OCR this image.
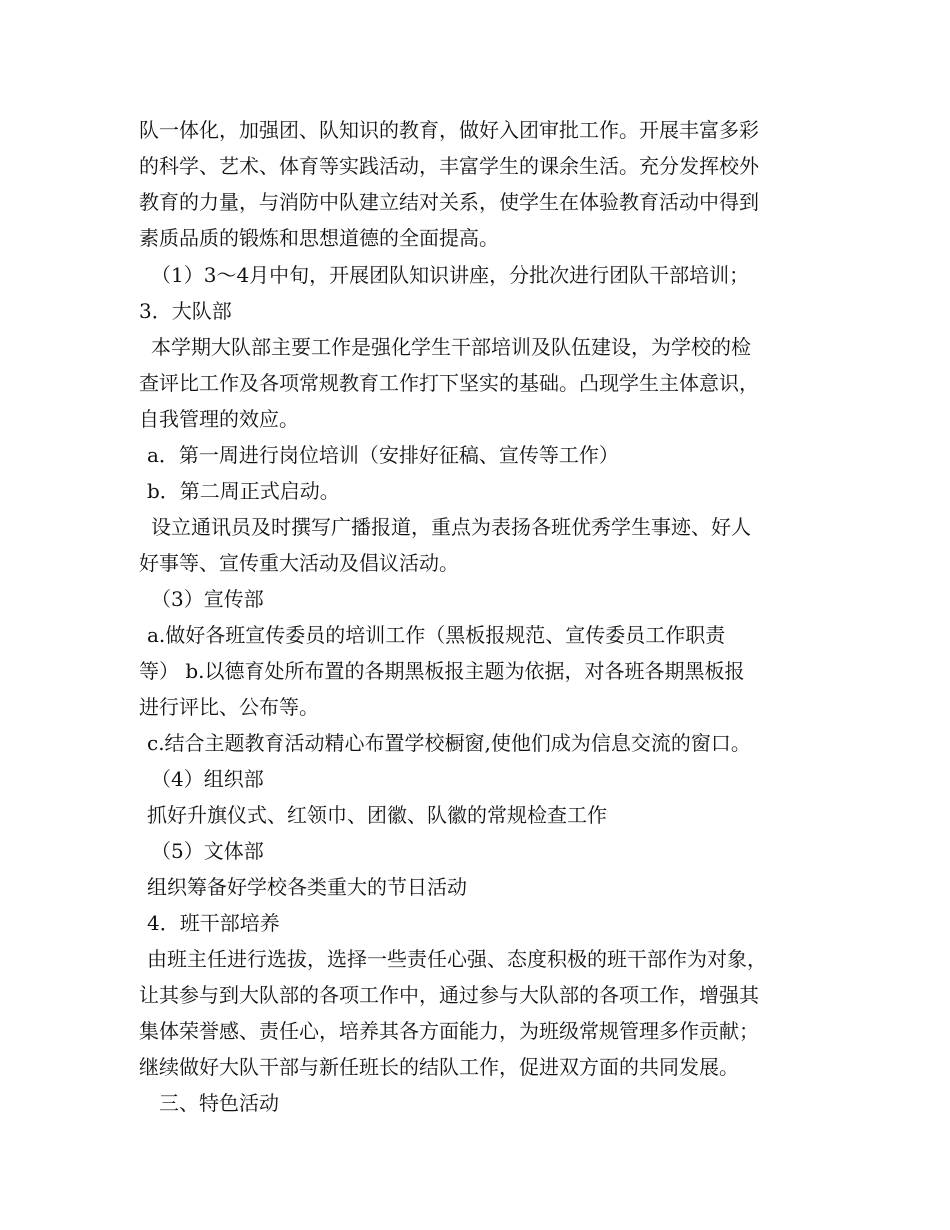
队一体化，加强团、队知识的教育，做好入团审批工作。开展丰富多彩
的科学、艺术、体育等实践活动，丰富学生的课余生活。充分发挥校外
教育的力量，与消防中队建立结对关系，使学生在体验教育活动中得到
素质品质的锻炼和思想道德的全面提高。
（1）3～4月中旬，开展团队知识讲座，分批次进行团队干部培训；
3．大队部
本学期大队部主要工作是强化学生干部培训及队伍建设，为学校的检
查评比工作及各项常规教育工作打下坚实的基础。凸现学生主体意识，
自我管理的效应。
a．第一周进行岗位培训（安排好征稿、宣传等工作）
b．第二周正式启动。
设立通讯员及时撰写广播报道，重点为表扬各班优秀学生事迹、好人
好事等、宣传重大活动及倡议活动。
（3）宣传部
a.做好各班宣传委员的培训工作（黑板报规范、宣传委员工作职责
等） b.以德育处所布置的各期黑板报主题为依据，对各班各期黑板报
进行评比、公布等。
c.结合主题教育活动精心布置学校橱窗,使他们成为信息交流的窗口。
（4）组织部
抓好升旗仪式、红领巾、团徽、队徽的常规检查工作
（5）文体部
组织筹备好学校各类重大的节日活动
4．班干部培养
由班主任进行选拔，选择一些责任心强、态度积极的班干部作为对象，
让其参与到大队部的各项工作中，通过参与大队部的各项工作，增强其
集体荣誉感、责任心，培养其各方面能力，为班级常规管理多作贡献；
继续做好大队干部与新任班长的结队工作，促进双方面的共同发展。
三、特色活动
